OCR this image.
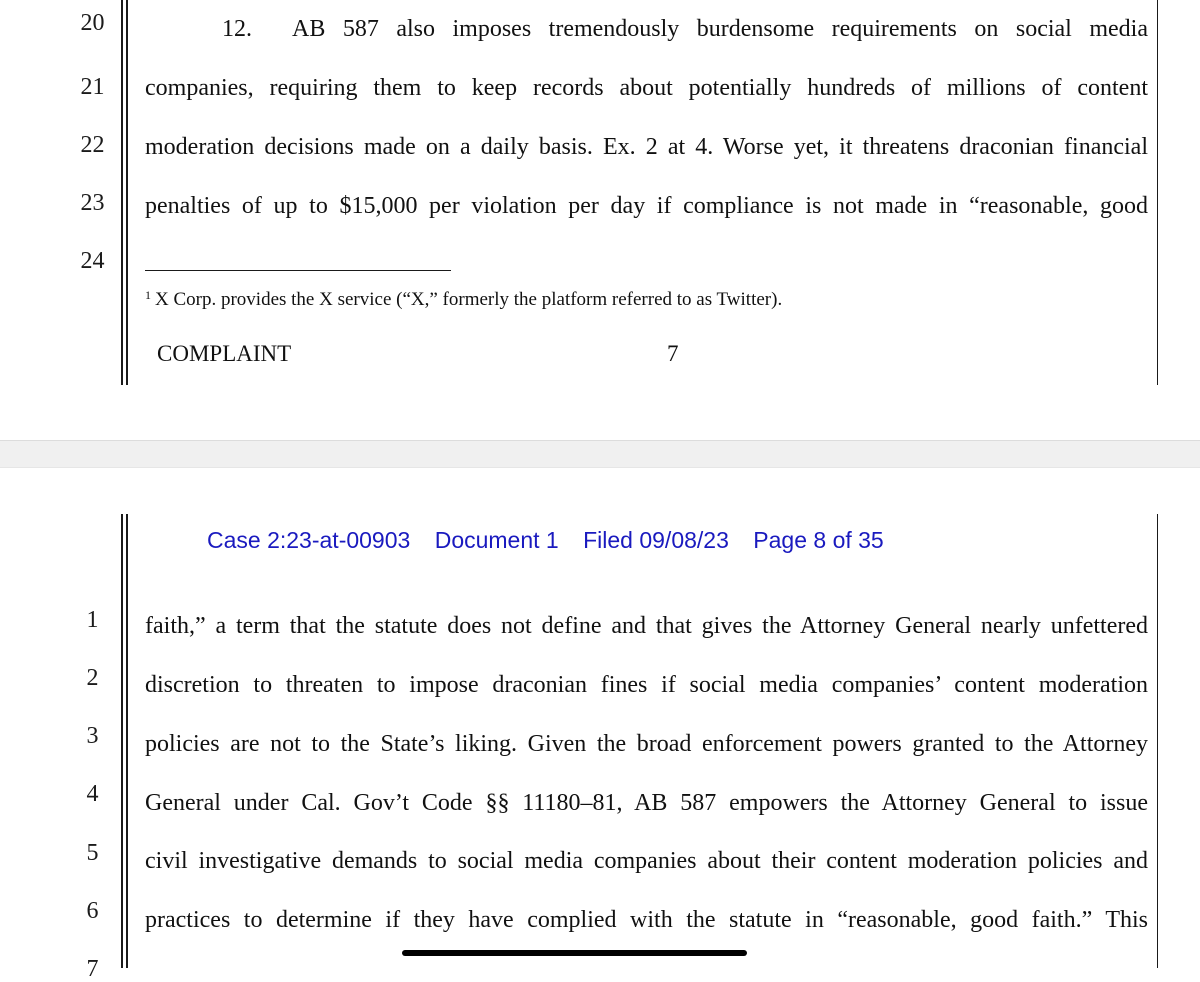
20
21
22
23
24
12.	AB 587 also imposes tremendously burdensome requirements on social media
companies, requiring them to keep records about potentially hundreds of millions of content
moderation decisions made on a daily basis. Ex. 2 at 4. Worse yet, it threatens draconian financial
penalties of up to $15,000 per violation per day if compliance is not made in “reasonable, good
$^1$ X Corp. provides the X service (“X,” formerly the platform referred to as Twitter).
COMPLAINT	7
Case 2:23-at-00903 Document 1 Filed 09/08/23 Page 8 of 35
1
2
3
4
5
6
7
faith,” a term that the statute does not define and that gives the Attorney General nearly unfettered
discretion to threaten to impose draconian fines if social media companies’ content moderation
policies are not to the State’s liking. Given the broad enforcement powers granted to the Attorney
General under Cal. Gov’t Code §§ 11180–81, AB 587 empowers the Attorney General to issue
civil investigative demands to social media companies about their content moderation policies and
practices to determine if they have complied with the statute in “reasonable, good faith.” This
